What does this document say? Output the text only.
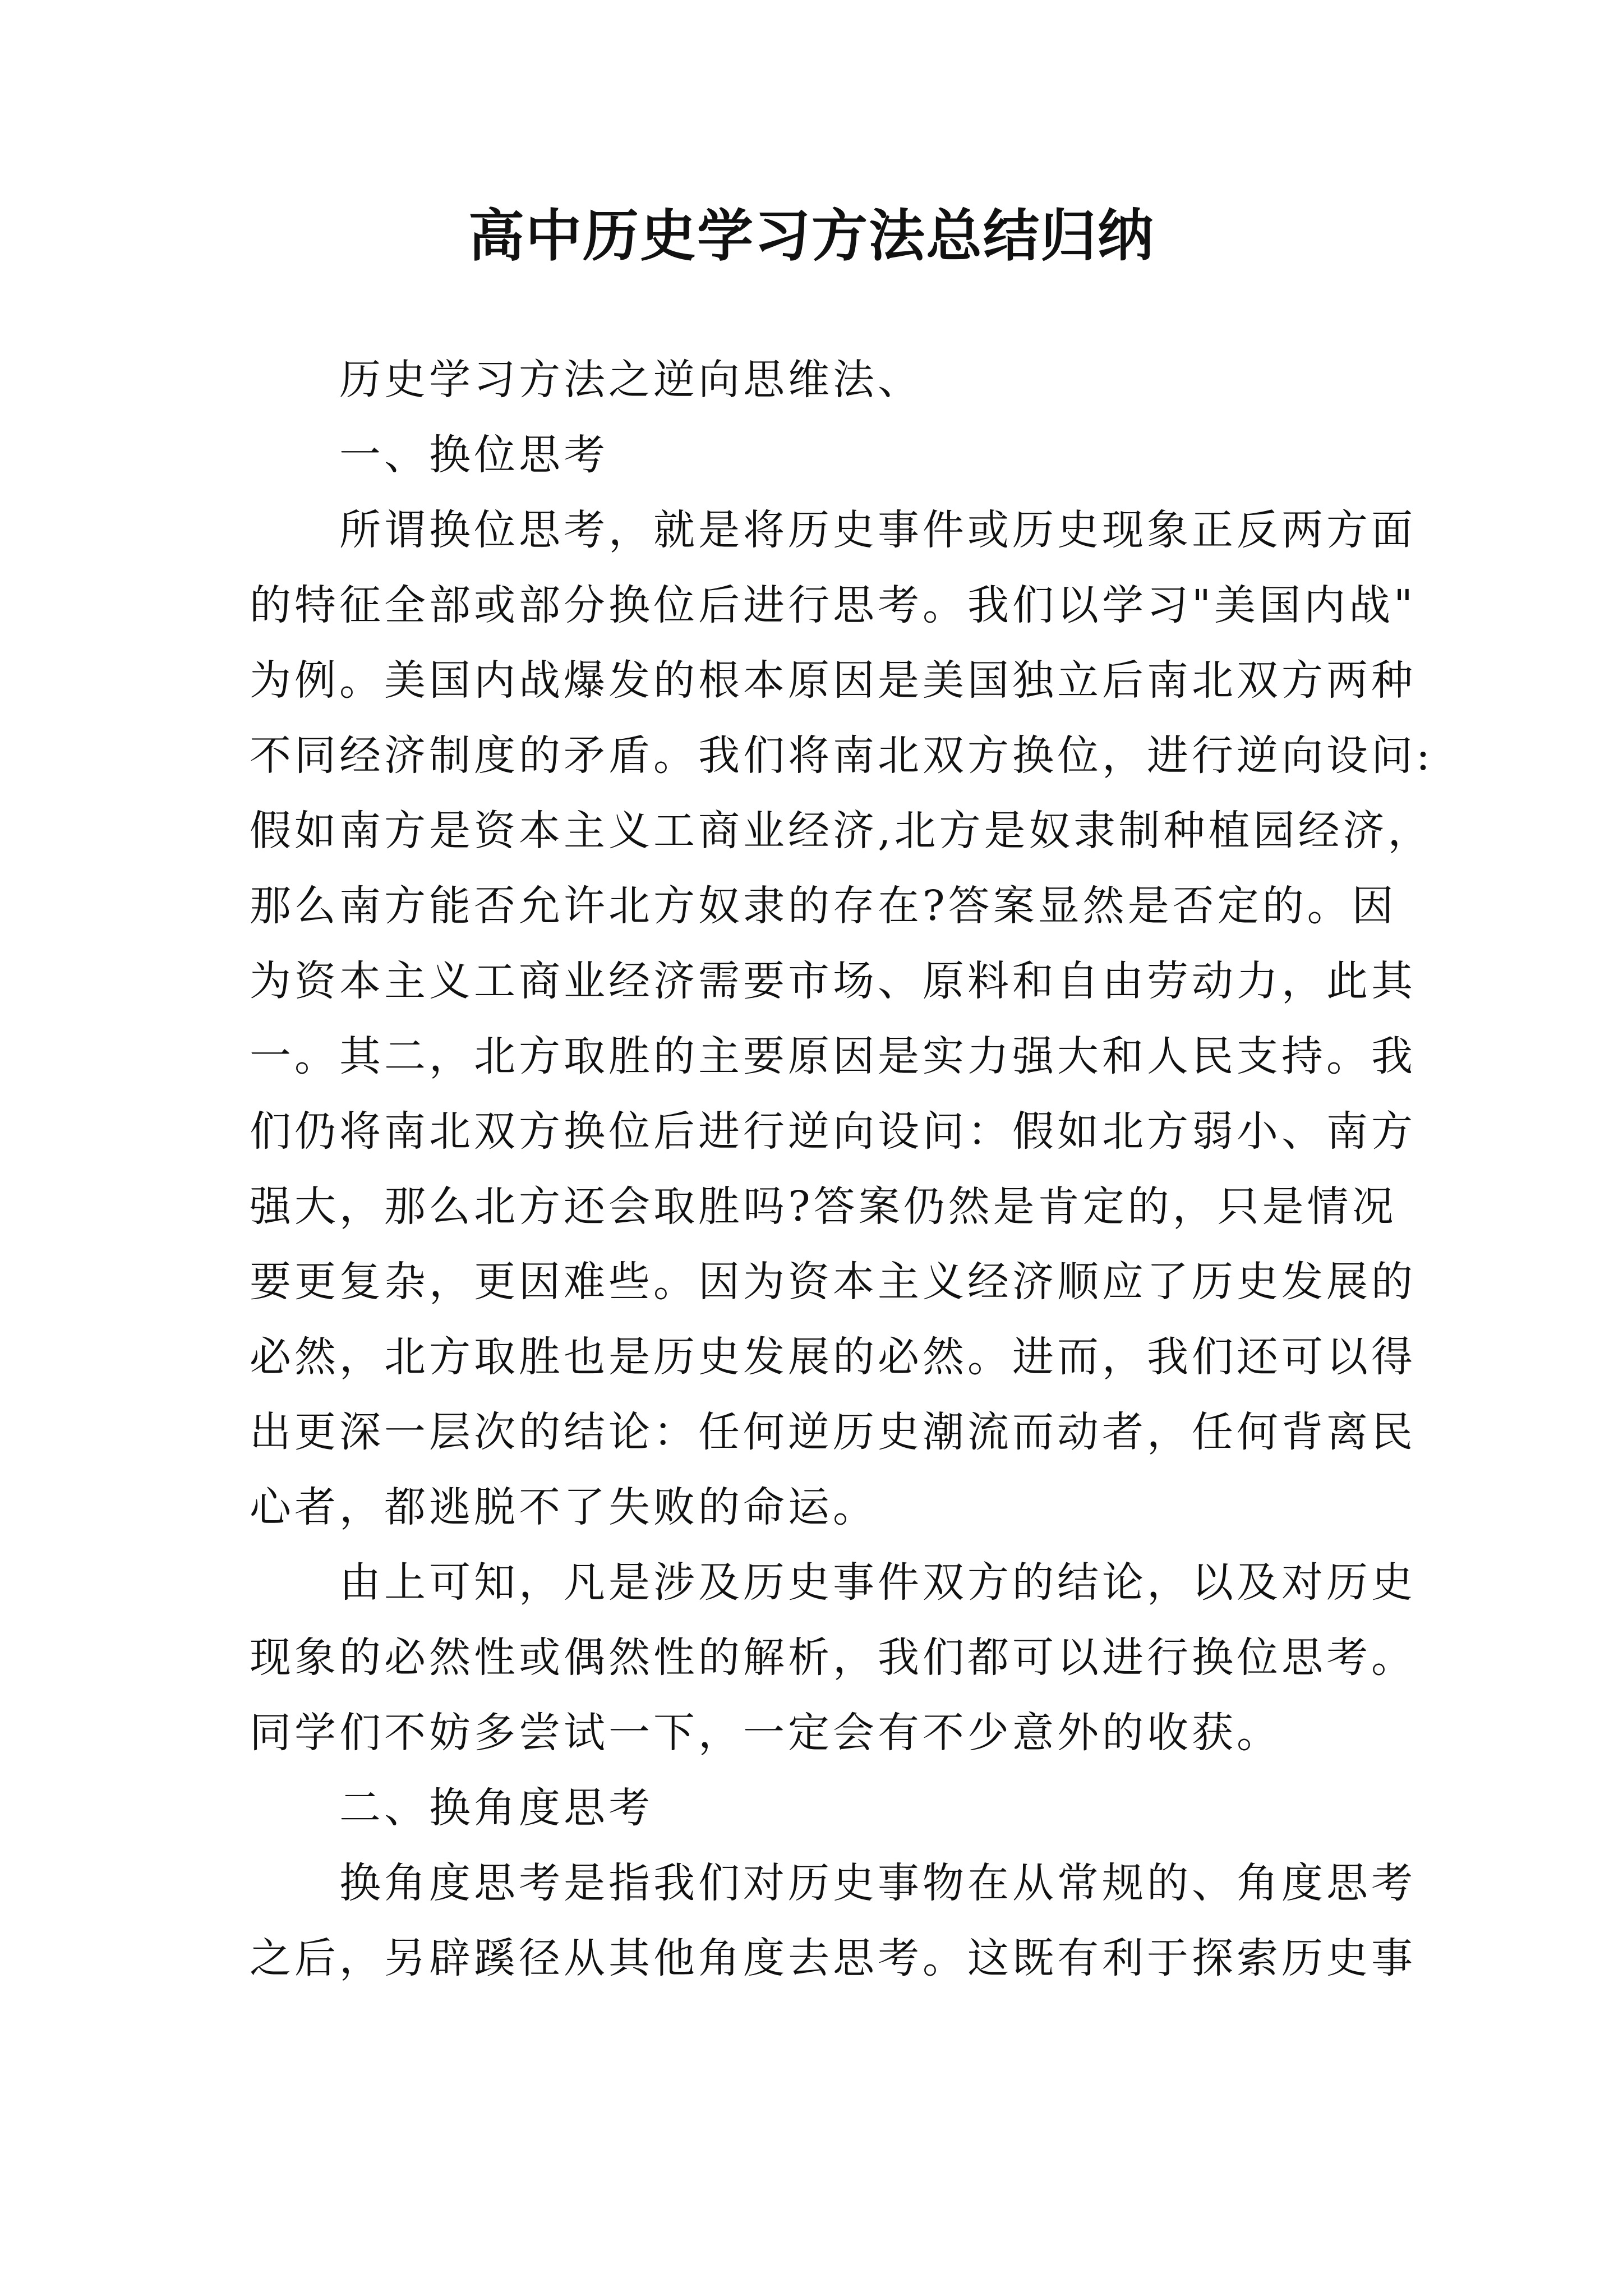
高中历史学习方法总结归纳
历史学习方法之逆向思维法、
一、换位思考
所谓换位思考，就是将历史事件或历史现象正反两方面
的特征全部或部分换位后进行思考。我们以学习"美国内战"
为例。美国内战爆发的根本原因是美国独立后南北双方两种
不同经济制度的矛盾。我们将南北双方换位，进行逆向设问:
假如南方是资本主义工商业经济,北方是奴隶制种植园经济，
那么南方能否允许北方奴隶的存在?答案显然是否定的。因
为资本主义工商业经济需要市场、原料和自由劳动力，此其
一。其二，北方取胜的主要原因是实力强大和人民支持。我
们仍将南北双方换位后进行逆向设问：假如北方弱小、南方
强大，那么北方还会取胜吗?答案仍然是肯定的，只是情况
要更复杂，更因难些。因为资本主义经济顺应了历史发展的
必然，北方取胜也是历史发展的必然。进而，我们还可以得
出更深一层次的结论：任何逆历史潮流而动者，任何背离民
心者，都逃脱不了失败的命运。
由上可知，凡是涉及历史事件双方的结论，以及对历史
现象的必然性或偶然性的解析，我们都可以进行换位思考。
同学们不妨多尝试一下，一定会有不少意外的收获。
二、换角度思考
换角度思考是指我们对历史事物在从常规的、角度思考
之后，另辟蹊径从其他角度去思考。这既有利于探索历史事
